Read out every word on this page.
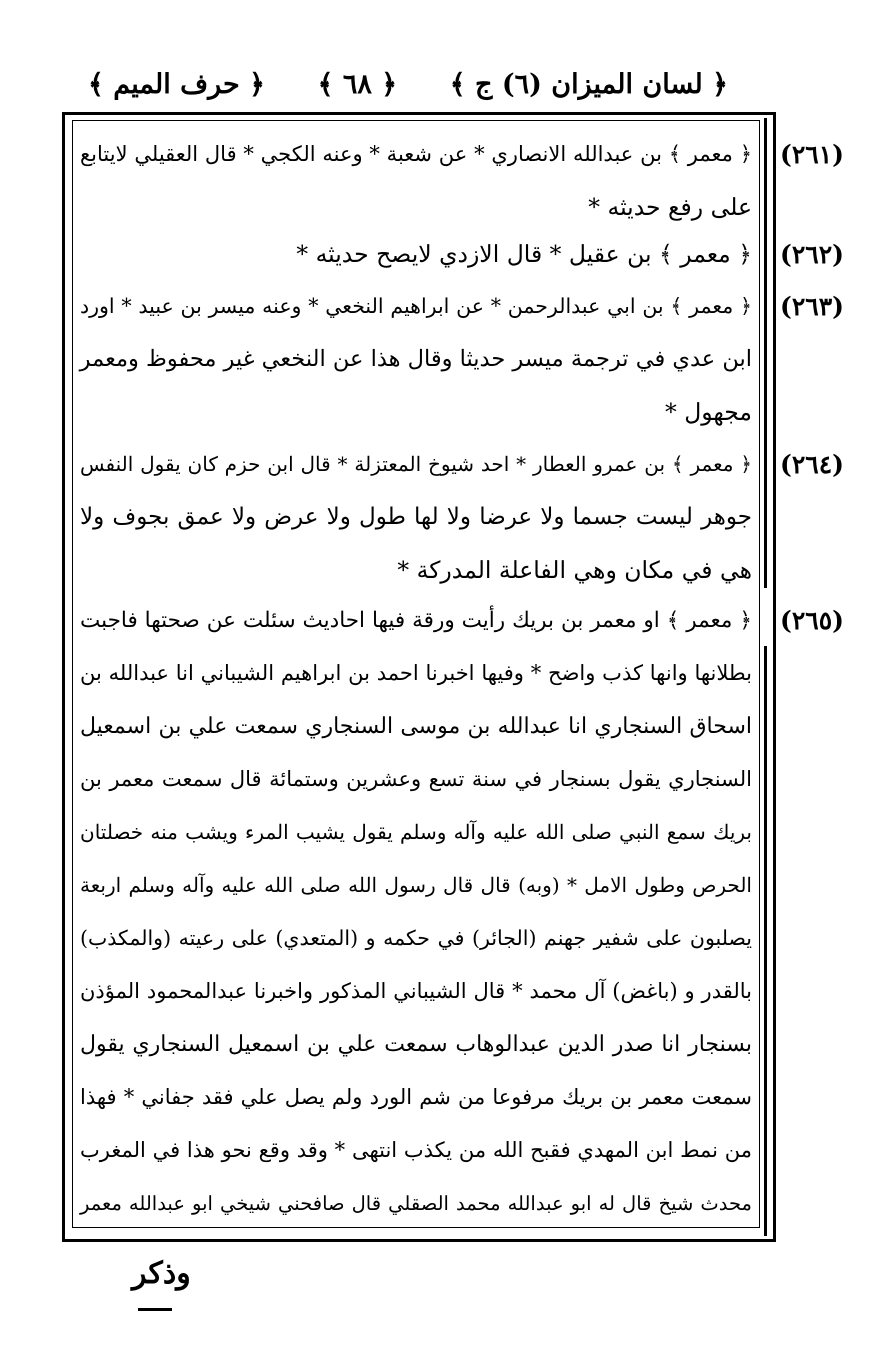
﴿ لسان الميزان (٦) ج ﴾
﴿ ٦٨ ﴾
﴿ حرف الميم ﴾
(٢٦١)
﴿ معمر ﴾ بن عبدالله الانصاري * عن شعبة * وعنه الكجي * قال العقيلي لايتابع
على رفع حديثه *
(٢٦٢)
﴿ معمر ﴾ بن عقيل * قال الازدي لايصح حديثه *
(٢٦٣)
﴿ معمر ﴾ بن ابي عبدالرحمن * عن ابراهيم النخعي * وعنه ميسر بن عبيد * اورد
ابن عدي في ترجمة ميسر حديثا وقال هذا عن النخعي غير محفوظ ومعمر
مجهول *
(٢٦٤)
﴿ معمر ﴾ بن عمرو العطار * احد شيوخ المعتزلة * قال ابن حزم كان يقول النفس
جوهر ليست جسما ولا عرضا ولا لها طول ولا عرض ولا عمق بجوف ولا
هي في مكان وهي الفاعلة المدركة *
(٢٦٥)
﴿ معمر ﴾ او معمر بن بريك رأيت ورقة فيها احاديث سئلت عن صحتها فاجبت
بطلانها وانها كذب واضح * وفيها اخبرنا احمد بن ابراهيم الشيباني انا عبدالله بن
اسحاق السنجاري انا عبدالله بن موسى السنجاري سمعت علي بن اسمعيل
السنجاري يقول بسنجار في سنة تسع وعشرين وستمائة قال سمعت معمر بن
بريك سمع النبي صلى الله عليه وآله وسلم يقول يشيب المرء ويشب منه خصلتان
الحرص وطول الامل * (وبه) قال قال رسول الله صلى الله عليه وآله وسلم اربعة
يصلبون على شفير جهنم (الجائر) في حكمه و (المتعدي) على رعيته (والمكذب)
بالقدر و (باغض) آل محمد * قال الشيباني المذكور واخبرنا عبدالمحمود المؤذن
بسنجار انا صدر الدين عبدالوهاب سمعت علي بن اسمعيل السنجاري يقول
سمعت معمر بن بريك مرفوعا من شم الورد ولم يصل علي فقد جفاني * فهذا
من نمط ابن المهدي فقبح الله من يكذب انتهى * وقد وقع نحو هذا في المغرب
محدث شيخ قال له ابو عبدالله محمد الصقلي قال صافحني شيخي ابو عبدالله معمر
وذكر
